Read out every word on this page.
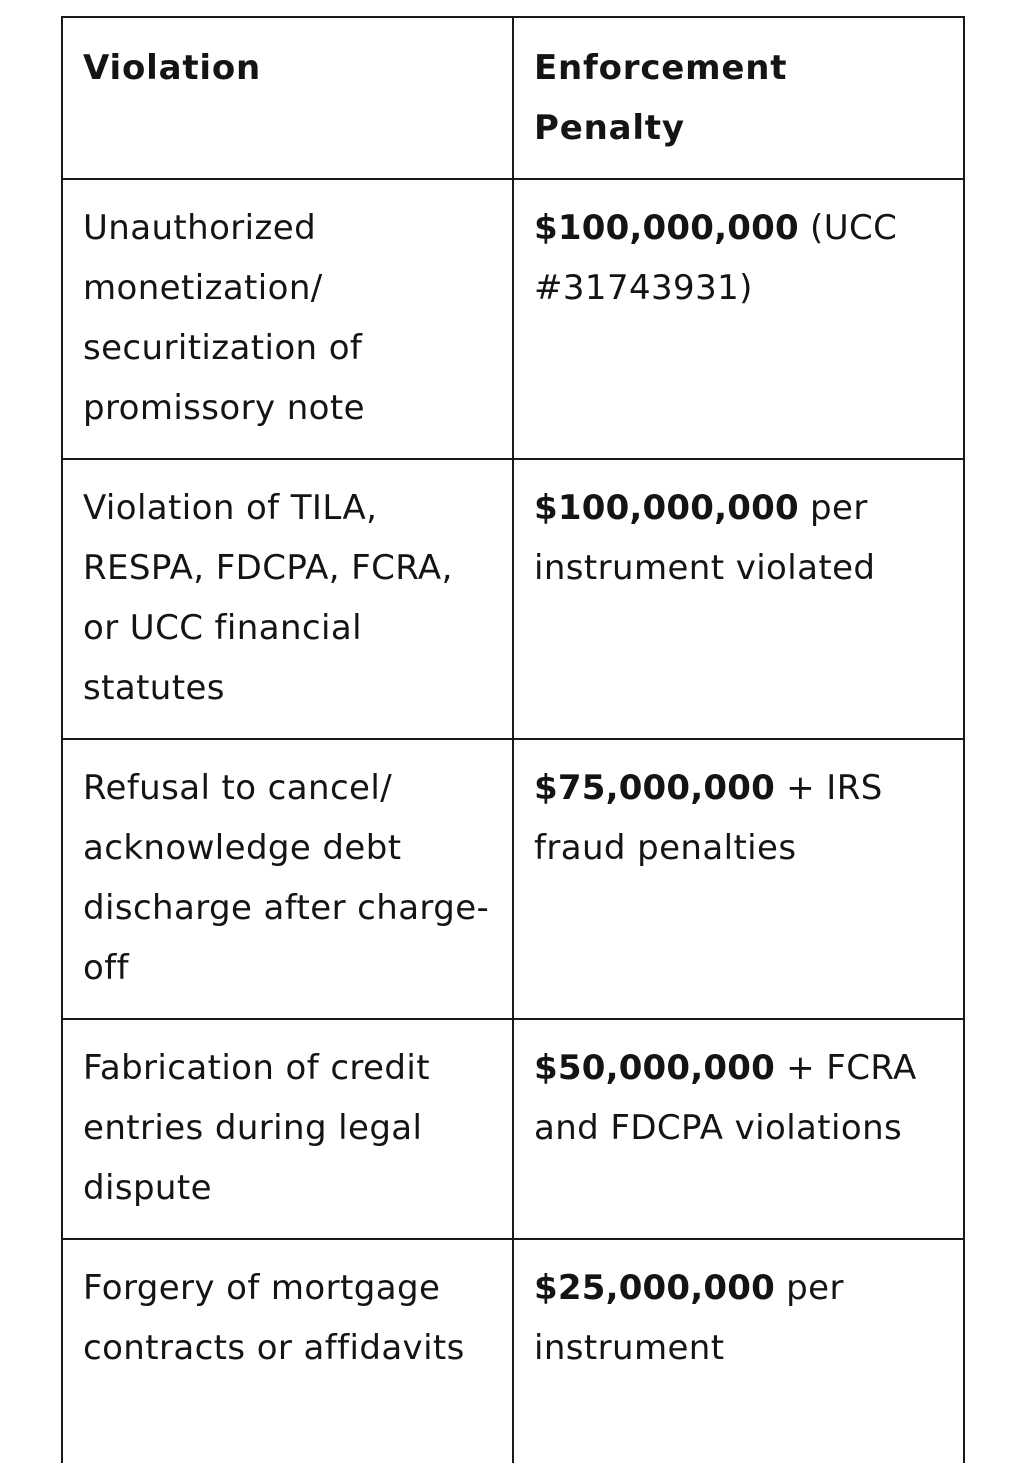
Violation	Enforcement Penalty
Unauthorized monetization/ securitization of promissory note	$100,000,000 (UCC #31743931)
Violation of TILA, RESPA, FDCPA, FCRA, or UCC financial statutes	$100,000,000 per instrument violated
Refusal to cancel/ acknowledge debt discharge after charge-off	$75,000,000 + IRS fraud penalties
Fabrication of credit entries during legal dispute	$50,000,000 + FCRA and FDCPA violations
Forgery of mortgage contracts or affidavits	$25,000,000 per instrument
